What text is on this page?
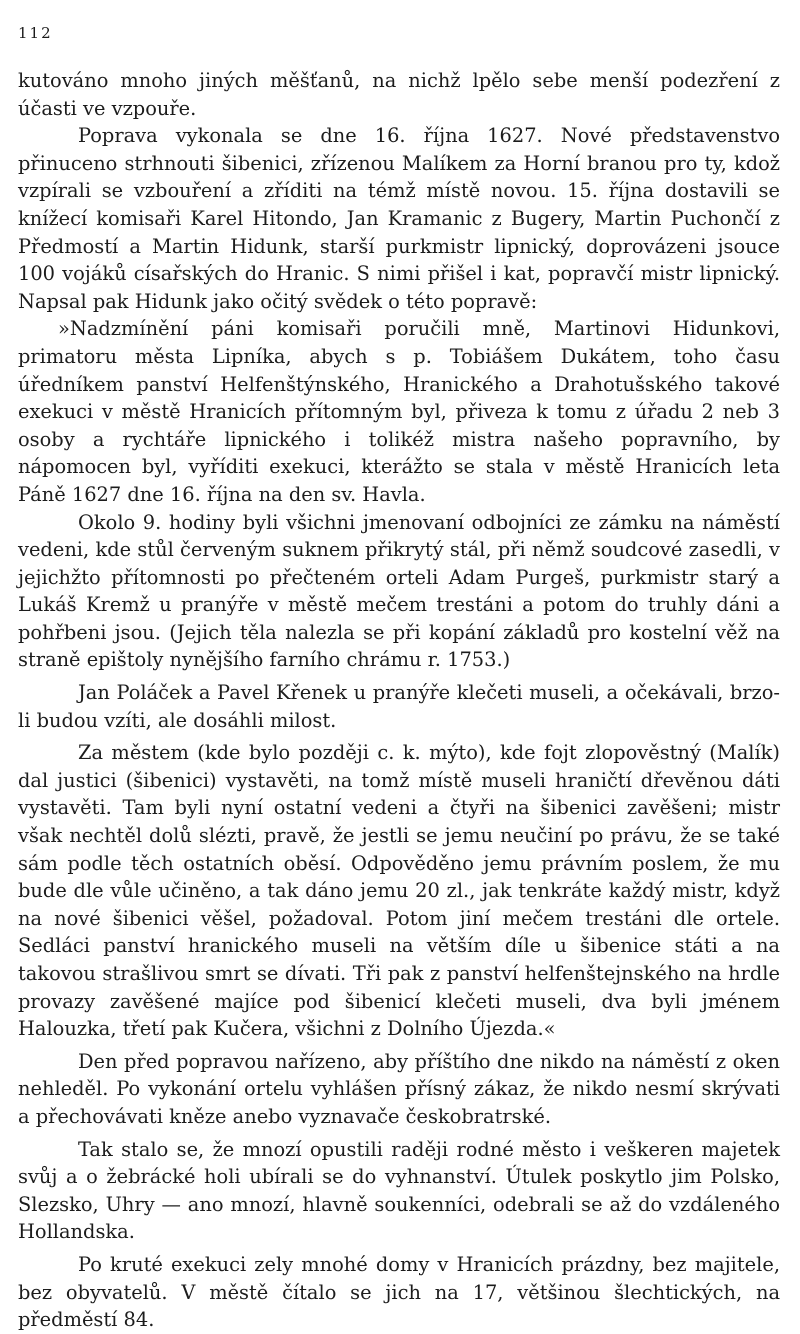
112

kutováno mnoho jiných měšťanů, na nichž lpělo sebe menší podezření z účasti ve vzpouře.

Poprava vykonala se dne 16. října 1627. Nové představenstvo přinuceno strhnouti šibenici, zřízenou Malíkem za Horní branou pro ty, kdož vzpírali se vzbouření a zříditi na témž místě novou. 15. října dostavili se knížecí komisaři Karel Hitondo, Jan Kramanic z Bugery, Martin Puchončí z Předmostí a Martin Hidunk, starší purkmistr lipnický, doprovázeni jsouce 100 vojáků císařských do Hranic. S nimi přišel i kat, popravčí mistr lipnický. Napsal pak Hidunk jako očitý svědek o této popravě:

»Nadzmínění páni komisaři poručili mně, Martinovi Hidunkovi, primatoru města Lipníka, abych s p. Tobiášem Dukátem, toho času úředníkem panství Helfenštýnského, Hranického a Drahotušského takové exekuci v městě Hranicích přítomným byl, přiveza k tomu z úřadu 2 neb 3 osoby a rychtáře lipnického i tolikéž mistra našeho popravního, by nápomocen byl, vyříditi exekuci, kterážto se stala v městě Hranicích leta Páně 1627 dne 16. října na den sv. Havla.

Okolo 9. hodiny byli všichni jmenovaní odbojníci ze zámku na náměstí vedeni, kde stůl červeným suknem přikrytý stál, při němž soudcové zasedli, v jejichžto přítomnosti po přečteném orteli Adam Purgeš, purkmistr starý a Lukáš Kremž u pranýře v městě mečem trestáni a potom do truhly dáni a pohřbeni jsou. (Jejich těla nalezla se při kopání základů pro kostelní věž na straně epištoly nynějšího farního chrámu r. 1753.)

Jan Poláček a Pavel Křenek u pranýře klečeti museli, a očekávali, brzo-li budou vzíti, ale dosáhli milost.

Za městem (kde bylo později c. k. mýto), kde fojt zlopověstný (Malík) dal justici (šibenici) vystavěti, na tomž místě museli hraničtí dřevěnou dáti vystavěti. Tam byli nyní ostatní vedeni a čtyři na šibenici zavěšeni; mistr však nechtěl dolů slézti, pravě, že jestli se jemu neučiní po právu, že se také sám podle těch ostatních oběsí. Odpověděno jemu právním poslem, že mu bude dle vůle učiněno, a tak dáno jemu 20 zl., jak tenkráte každý mistr, když na nové šibenici věšel, požadoval. Potom jiní mečem trestáni dle ortele. Sedláci panství hranického museli na větším díle u šibenice státi a na takovou strašlivou smrt se dívati. Tři pak z panství helfenštejnského na hrdle provazy zavěšené majíce pod šibenicí klečeti museli, dva byli jménem Halouzka, třetí pak Kučera, všichni z Dolního Újezda.«

Den před popravou nařízeno, aby příštího dne nikdo na náměstí z oken nehleděl. Po vykonání ortelu vyhlášen přísný zákaz, že nikdo nesmí skrývati a přechovávati kněze anebo vyznavače českobratrské.

Tak stalo se, že mnozí opustili raději rodné město i veškeren majetek svůj a o žebrácké holi ubírali se do vyhnanství. Útulek poskytlo jim Polsko, Slezsko, Uhry — ano mnozí, hlavně soukenníci, odebrali se až do vzdáleného Hollandska.

Po kruté exekuci zely mnohé domy v Hranicích prázdny, bez majitele, bez obyvatelů. V městě čítalo se jich na 17, většinou šlechtických, na předměstí 84.
